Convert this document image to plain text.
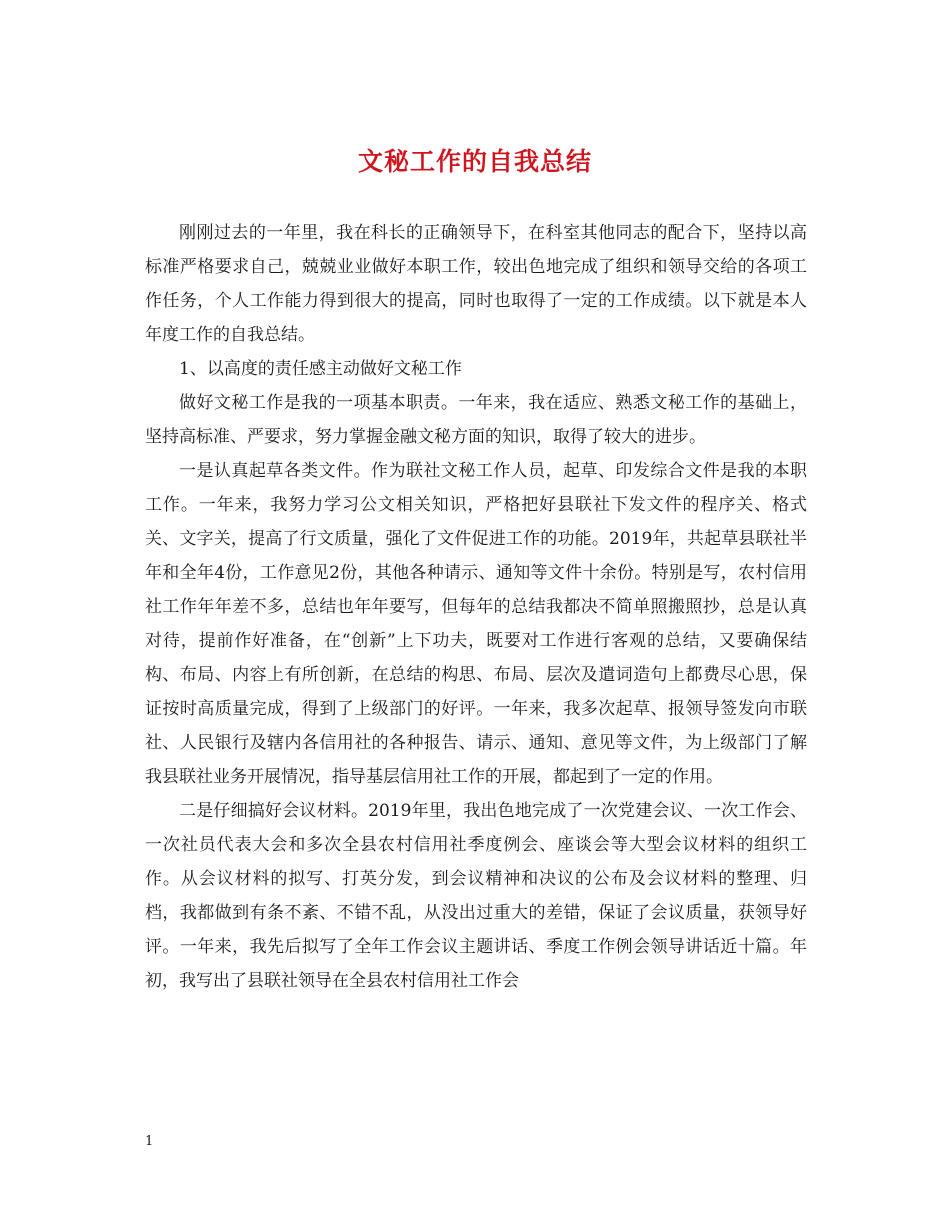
文秘工作的自我总结

刚刚过去的一年里，我在科长的正确领导下，在科室其他同志的配合下，坚持以高标准严格要求自己，兢兢业业做好本职工作，较出色地完成了组织和领导交给的各项工作任务，个人工作能力得到很大的提高，同时也取得了一定的工作成绩。以下就是本人年度工作的自我总结。

1、以高度的责任感主动做好文秘工作

做好文秘工作是我的一项基本职责。一年来，我在适应、熟悉文秘工作的基础上，坚持高标准、严要求，努力掌握金融文秘方面的知识，取得了较大的进步。

一是认真起草各类文件。作为联社文秘工作人员，起草、印发综合文件是我的本职工作。一年来，我努力学习公文相关知识，严格把好县联社下发文件的程序关、格式关、文字关，提高了行文质量，强化了文件促进工作的功能。2019年，共起草县联社半年和全年4份，工作意见2份，其他各种请示、通知等文件十余份。特别是写，农村信用社工作年年差不多，总结也年年要写，但每年的总结我都决不简单照搬照抄，总是认真对待，提前作好准备，在“创新”上下功夫，既要对工作进行客观的总结，又要确保结构、布局、内容上有所创新，在总结的构思、布局、层次及遣词造句上都费尽心思，保证按时高质量完成，得到了上级部门的好评。一年来，我多次起草、报领导签发向市联社、人民银行及辖内各信用社的各种报告、请示、通知、意见等文件，为上级部门了解我县联社业务开展情况，指导基层信用社工作的开展，都起到了一定的作用。

二是仔细搞好会议材料。2019年里，我出色地完成了一次党建会议、一次工作会、一次社员代表大会和多次全县农村信用社季度例会、座谈会等大型会议材料的组织工作。从会议材料的拟写、打英分发，到会议精神和决议的公布及会议材料的整理、归档，我都做到有条不紊、不错不乱，从没出过重大的差错，保证了会议质量，获领导好评。一年来，我先后拟写了全年工作会议主题讲话、季度工作例会领导讲话近十篇。年初，我写出了县联社领导在全县农村信用社工作会

1
